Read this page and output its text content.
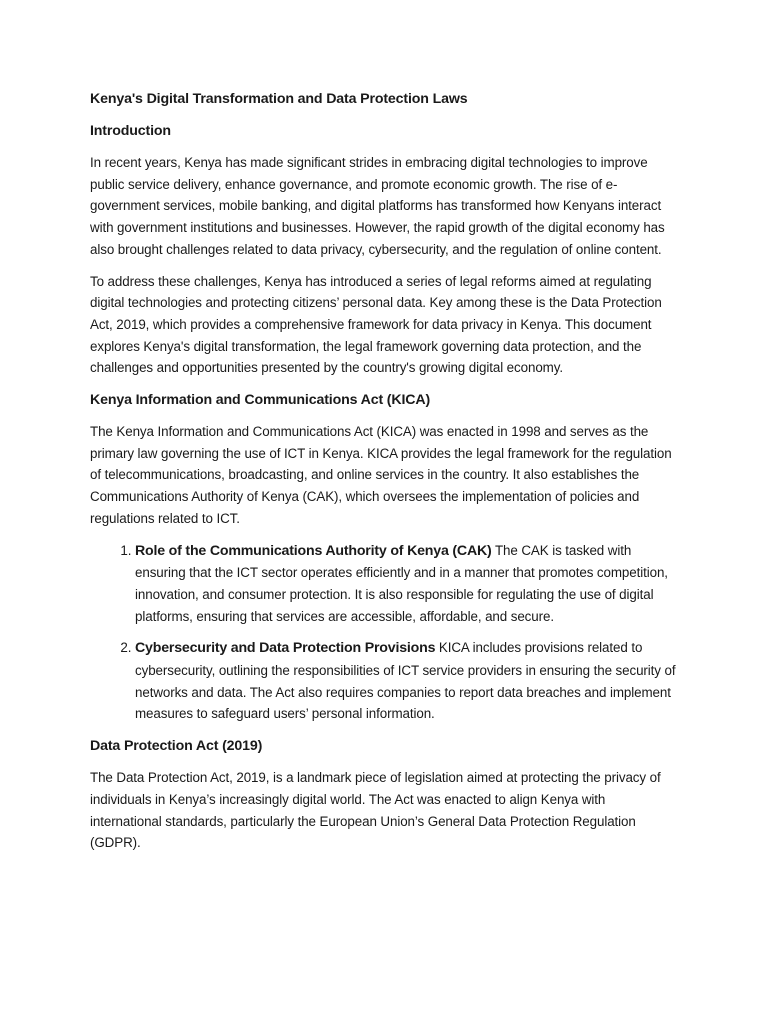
Kenya's Digital Transformation and Data Protection Laws
Introduction

In recent years, Kenya has made significant strides in embracing digital technologies to improve public service delivery, enhance governance, and promote economic growth. The rise of e-government services, mobile banking, and digital platforms has transformed how Kenyans interact with government institutions and businesses. However, the rapid growth of the digital economy has also brought challenges related to data privacy, cybersecurity, and the regulation of online content.

To address these challenges, Kenya has introduced a series of legal reforms aimed at regulating digital technologies and protecting citizens’ personal data. Key among these is the Data Protection Act, 2019, which provides a comprehensive framework for data privacy in Kenya. This document explores Kenya's digital transformation, the legal framework governing data protection, and the challenges and opportunities presented by the country's growing digital economy.

Kenya Information and Communications Act (KICA)

The Kenya Information and Communications Act (KICA) was enacted in 1998 and serves as the primary law governing the use of ICT in Kenya. KICA provides the legal framework for the regulation of telecommunications, broadcasting, and online services in the country. It also establishes the Communications Authority of Kenya (CAK), which oversees the implementation of policies and regulations related to ICT.

1. Role of the Communications Authority of Kenya (CAK) The CAK is tasked with ensuring that the ICT sector operates efficiently and in a manner that promotes competition, innovation, and consumer protection. It is also responsible for regulating the use of digital platforms, ensuring that services are accessible, affordable, and secure.
2. Cybersecurity and Data Protection Provisions KICA includes provisions related to cybersecurity, outlining the responsibilities of ICT service providers in ensuring the security of networks and data. The Act also requires companies to report data breaches and implement measures to safeguard users’ personal information.
Data Protection Act (2019)

The Data Protection Act, 2019, is a landmark piece of legislation aimed at protecting the privacy of individuals in Kenya’s increasingly digital world. The Act was enacted to align Kenya with international standards, particularly the European Union’s General Data Protection Regulation (GDPR).
